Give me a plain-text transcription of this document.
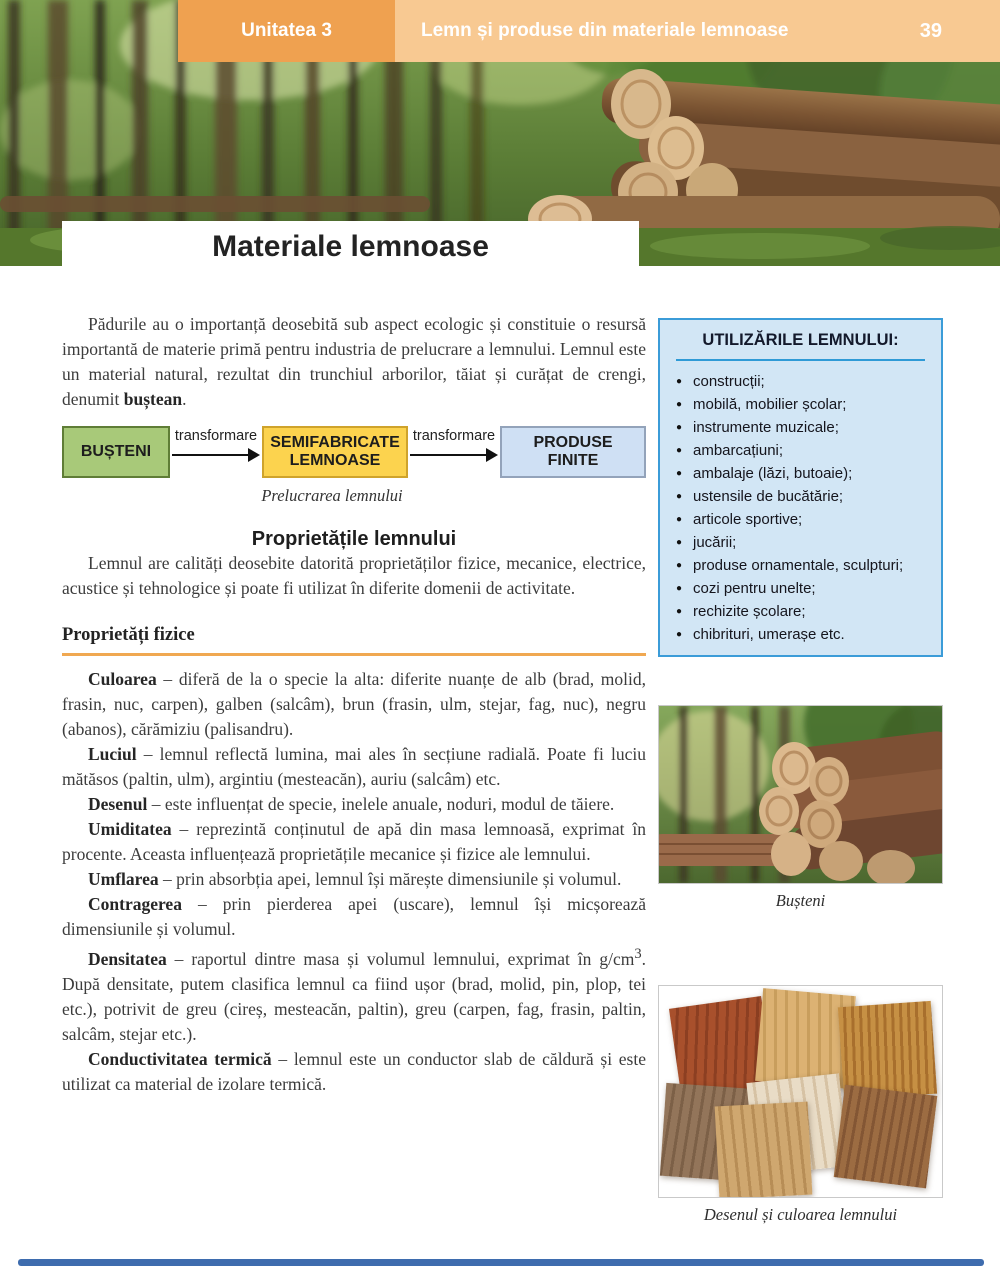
Unitatea 3	Lemn și produse din materiale lemnoase	39
Materiale lemnoase

Pădurile au o importanță deosebită sub aspect ecologic și constituie o resursă importantă de materie primă pentru industria de prelucrare a lemnului. Lemnul este un material natural, rezultat din trunchiul arborilor, tăiat și curățat de crengi, denumit buștean.

BUȘTENI
transformare SEMIFABRICATE
LEMNOASE
transformare	PRODUSE
FINITE
Prelucrarea lemnului
Proprietățile lemnului

Lemnul are calități deosebite datorită proprietăților fizice, mecanice, electrice, acustice și tehnologice și poate fi utilizat în diferite domenii de activitate.

Proprietăți fizice

Culoarea – diferă de la o specie la alta: diferite nuanțe de alb (brad, molid, frasin, nuc, carpen), galben (salcâm), brun (frasin, ulm, stejar, fag, nuc), negru (abanos), cărămiziu (palisandru).

Luciul – lemnul reflectă lumina, mai ales în secțiune radială. Poate fi luciu mătăsos (paltin, ulm), argintiu (mesteacăn), auriu (salcâm) etc.

Desenul – este influențat de specie, inelele anuale, noduri, modul de tăiere.

Umiditatea – reprezintă conținutul de apă din masa lemnoasă, exprimat în procente. Aceasta influențează proprietățile mecanice și fizice ale lemnului.

Umflarea – prin absorbția apei, lemnul își mărește dimensiunile și volumul.

Contragerea – prin pierderea apei (uscare), lemnul își micșorează dimensiunile și volumul.

Densitatea – raportul dintre masa și volumul lemnului, exprimat în $g/cm^3$. După densitate, putem clasifica lemnul ca fiind ușor (brad, molid, pin, plop, tei etc.), potrivit de greu (cireș, mesteacăn, paltin), greu (carpen, fag, frasin, paltin, salcâm, stejar etc.).

Conductivitatea termică – lemnul este un conductor slab de căldură și este utilizat ca material de izolare termică.

UTILIZĂRILE LEMNULUI:
● construcții;
● mobilă, mobilier școlar;
● instrumente muzicale;
● ambarcațiuni;
● ambalaje (lăzi, butoaie);
● ustensile de bucătărie;
● articole sportive;
● jucării;
● produse ornamentale, sculpturi;
● cozi pentru unelte;
● rechizite școlare;
● chibrituri, umerașe etc.
Bușteni
Desenul și culoarea lemnului
